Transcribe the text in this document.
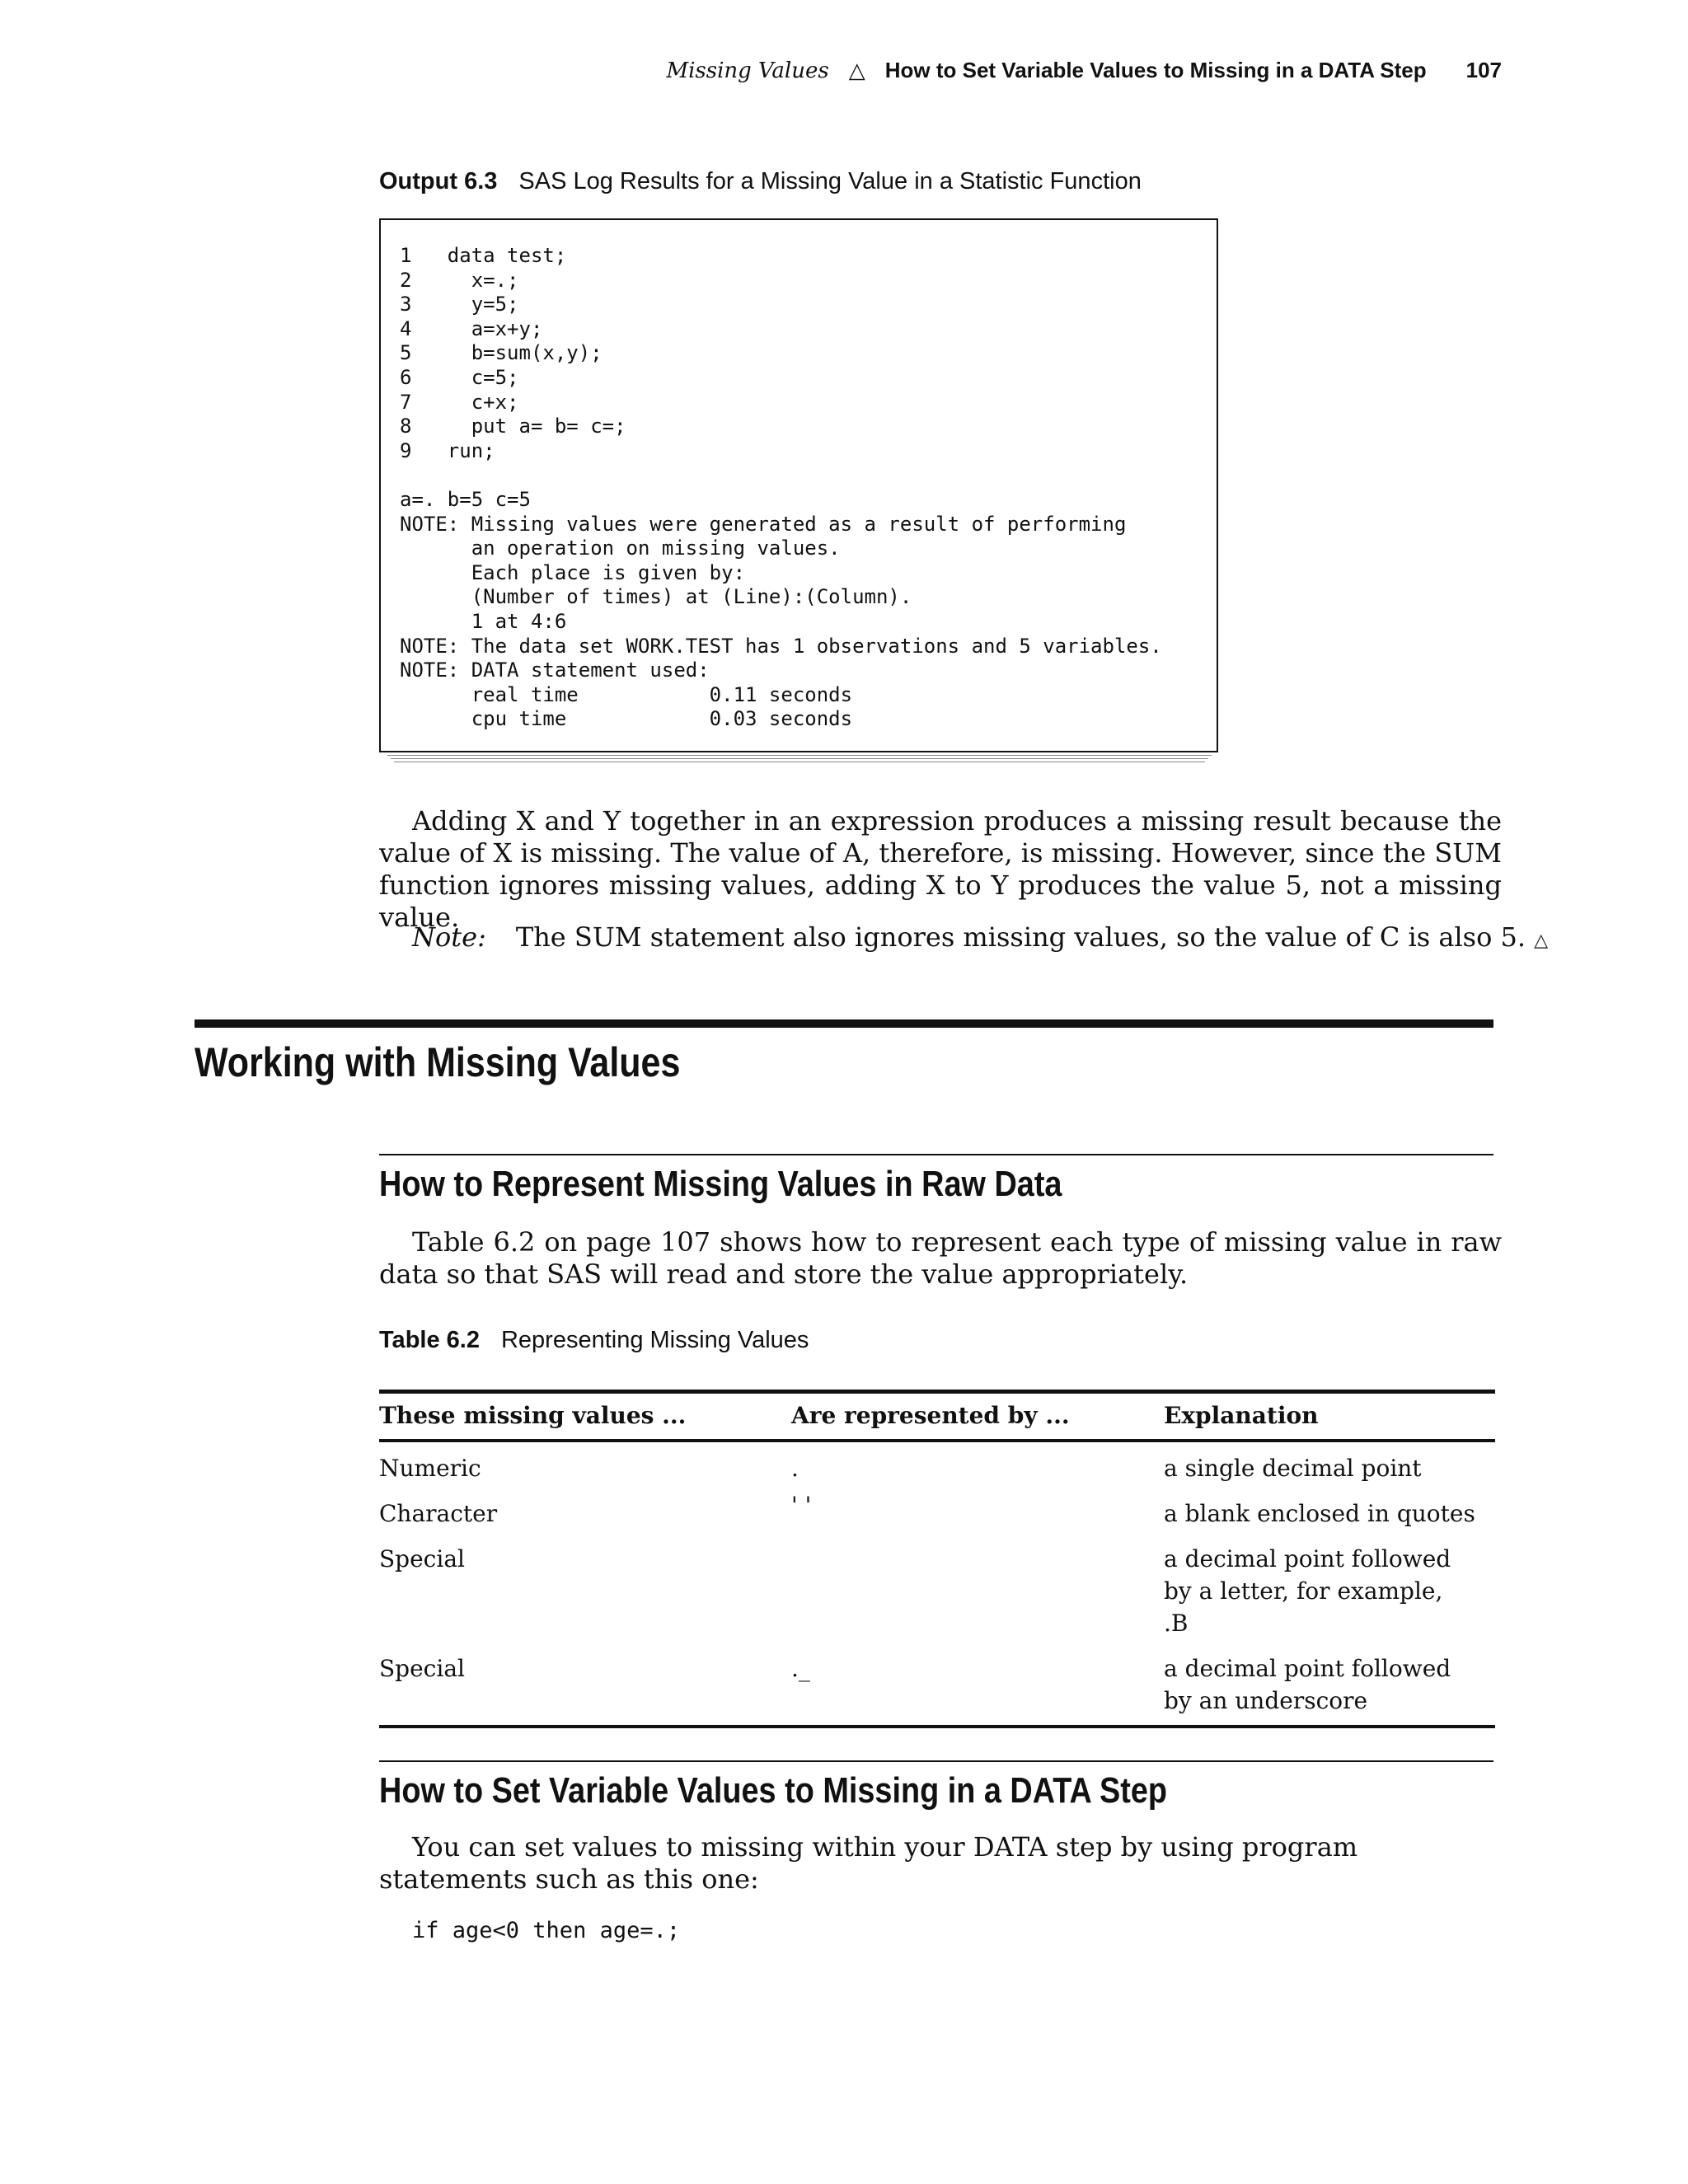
Missing Values △ How to Set Variable Values to Missing in a DATA Step 107
Output 6.3 SAS Log Results for a Missing Value in a Statistic Function
1   data test;
2     x=.;
3     y=5;
4     a=x+y;
5     b=sum(x,y);
6     c=5;
7     c+x;
8     put a= b= c=;
9   run;

a=. b=5 c=5
NOTE: Missing values were generated as a result of performing
an operation on missing values.
Each place is given by:
(Number of times) at (Line):(Column).
1 at 4:6
NOTE: The data set WORK.TEST has 1 observations and 5 variables.
NOTE: DATA statement used:
real time           0.11 seconds
cpu time            0.03 seconds
Adding X and Y together in an expression produces a missing result because the value of X is missing. The value of A, therefore, is missing. However, since the SUM function ignores missing values, adding X to Y produces the value 5, not a missing value.
Note: The SUM statement also ignores missing values, so the value of C is also 5. △
Working with Missing Values
How to Represent Missing Values in Raw Data
Table 6.2 on page 107 shows how to represent each type of missing value in raw data so that SAS will read and store the value appropriately.
Table 6.2 Representing Missing Values
These missing values ...	Are represented by ...	Explanation
Numeric	.	a single decimal point
Character	' '	a blank enclosed in quotes
Special		a decimal point followed by a letter, for example, .B
Special	._	a decimal point followed by an underscore
How to Set Variable Values to Missing in a DATA Step
You can set values to missing within your DATA step by using program statements such as this one:
if age<0 then age=.;
